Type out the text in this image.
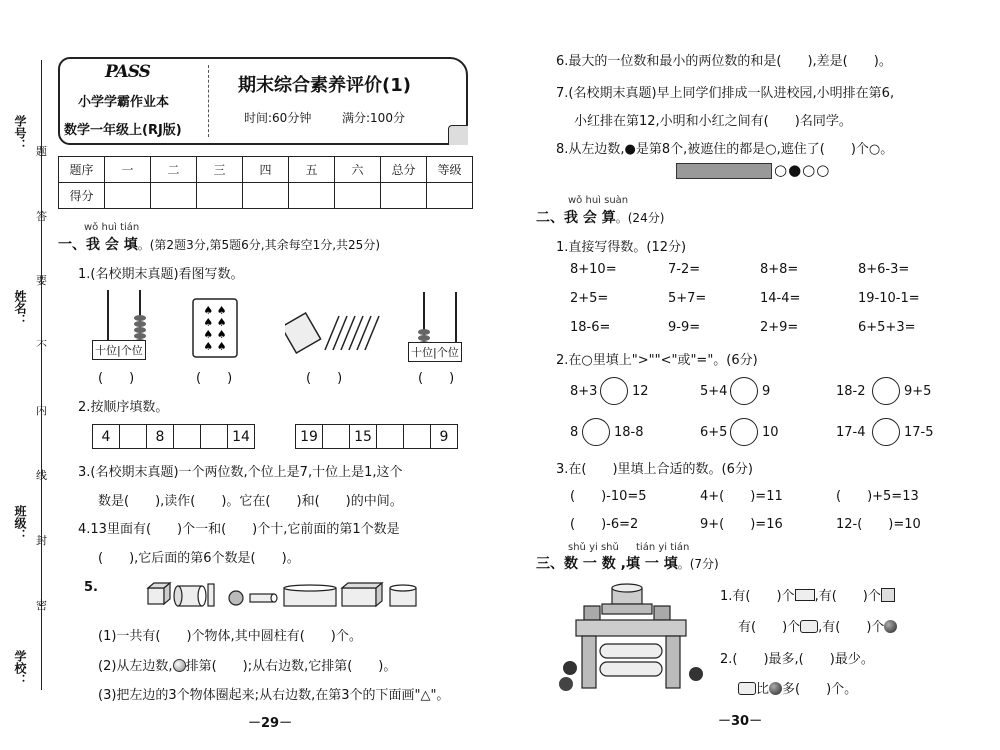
学号：
姓名：
班级：
学校：
题
答
要
不
内
线
封
密
PASS
小学学霸作业本
数学一年级上(RJ版)
期末综合素养评价(1)
时间:60分钟	满分:100分
题序	一	二	三	四	五	六	总分	等级
得分								
wǒ huì tián
一、我 会 填。(第2题3分,第5题6分,其余每空1分,共25分)
1.(名校期末真题)看图写数。
十位|个位
♠ ♠
♠ ♠
♠ ♠
♠ ♠	十位|个位
(　　)	(　　)	(　　)	(　　)
2.按顺序填数。
4		8			14	19		15			9
3.(名校期末真题)一个两位数,个位上是7,十位上是1,这个
数是(　　),读作(　　)。它在(　　)和(　　)的中间。
4.13里面有(　　)个一和(　　)个十,它前面的第1个数是
(　　),它后面的第6个数是(　　)。
5.
(1)一共有(　　)个物体,其中圆柱有(　　)个。
(2)从左边数, 排第(　　);从右边数,它排第(　　)。
(3)把左边的3个物体圈起来;从右边数,在第3个的下面画"△"。
－29－
6.最大的一位数和最小的两位数的和是(　　),差是(　　)。
7.(名校期末真题)早上同学们排成一队进校园,小明排在第6,
小红排在第12,小明和小红之间有(　　)名同学。
8.从左边数,●是第8个,被遮住的都是○,遮住了(　　)个○。
○●○○
wǒ huì suàn
二、我 会 算。(24分)
1.直接写得数。(12分)
8+10=	7-2=	8+8=	8+6-3=
2+5=	5+7=	14-4=	19-10-1=
18-6=	9-9=	2+9=	6+5+3=
2.在○里填上">""<"或"="。(6分)
8+3	12	5+4	9	18-2	9+5
8	18-8	6+5	10	17-4	17-5
3.在(　　)里填上合适的数。(6分)
(　　)-10=5	4+(　　)=11	(　　)+5=13
(　　)-6=2	9+(　　)=16	12-(　　)=10
shǔ yi shǔ tián yi tián
三、数 一 数 ,填 一 填。(7分)
1.有(　　)个 ,有(　　)个
有(　　)个 ,有(　　)个
2.(　　)最多,(　　)最少。
比 多(　　)个。
－30－
